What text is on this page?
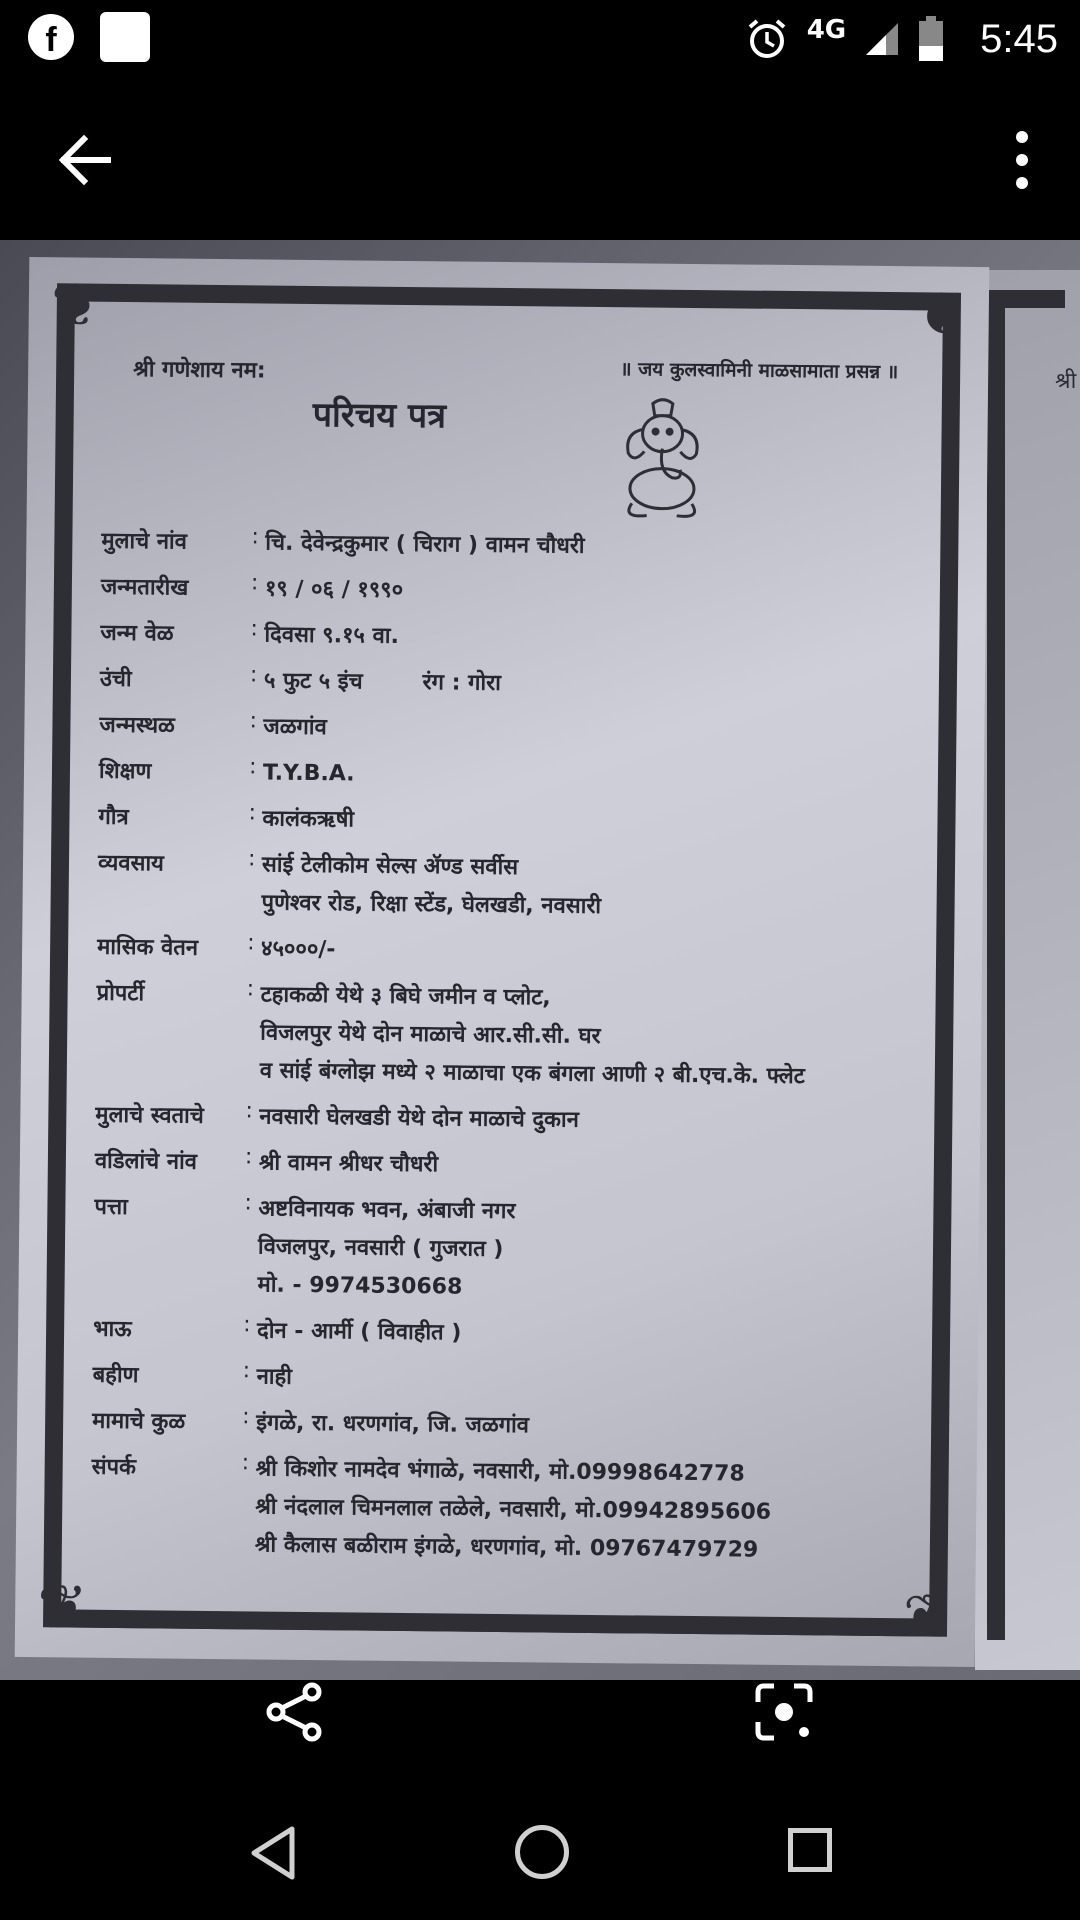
f	4G	5:45
श्री
❦	❦
❦	❦
श्री गणेशाय नम:	॥ जय कुलस्वामिनी माळसामाता प्रसन्न ॥
परिचय पत्र
मुलाचे नांव	: चि. देवेन्द्रकुमार ( चिराग ) वामन चौधरी
जन्मतारीख	: १९ / ०६ / १९९०
जन्म वेळ	: दिवसा ९.१५ वा.
उंची	: ५ फुट ५ इंच	रंग : गोरा
जन्मस्थळ	: जळगांव
शिक्षण	: T.Y.B.A.
गौत्र	: कालंकऋषी
व्यवसाय	: सांई टेलीकोम सेल्स ॲण्ड सर्वीस
पुणेश्वर रोड, रिक्षा स्टेंड, घेलखडी, नवसारी
मासिक वेतन	: ४५०००/-
प्रोपर्टी	: टहाकळी येथे ३ बिघे जमीन व प्लोट,
विजलपुर येथे दोन माळाचे आर.सी.सी. घर
व सांई बंग्लोझ मध्ये २ माळाचा एक बंगला आणी २ बी.एच.के. फ्लेट
मुलाचे स्वताचे	: नवसारी घेलखडी येथे दोन माळाचे दुकान
वडिलांचे नांव	: श्री वामन श्रीधर चौधरी
पत्ता	: अष्टविनायक भवन, अंबाजी नगर
विजलपुर, नवसारी ( गुजरात )
मो. - 9974530668
भाऊ	: दोन - आर्मी ( विवाहीत )
बहीण	: नाही
मामाचे कुळ	: इंगळे, रा. धरणगांव, जि. जळगांव
संपर्क	: श्री किशोर नामदेव भंगाळे, नवसारी, मो.09998642778
श्री नंदलाल चिमनलाल तळेले, नवसारी, मो.09942895606
श्री कैलास बळीराम इंगळे, धरणगांव, मो. 09767479729
